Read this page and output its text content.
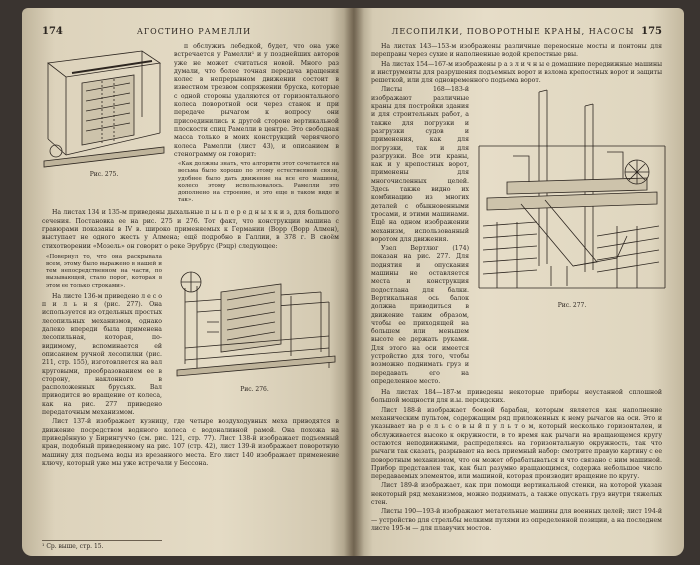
174	АГОСТИНО РАМЕЛЛИ
Рис. 275.

п обслужиъ лебедкой, будет, что она уже встречается у Рамелли¹ и у позднейших авторов уже не может считаться новой. Много раз думали, что более точная передача вращения колес в непрерывном движении состоит в известном трезвом сопряжении бруска, которые с одной стороны удаляются от горизонтального колеса поворотной оси через станок и при передаче рычагом к вопросу они присоединились к другой стороне вертикальной плоскости спиц Рамелли в центре. Это свободная масса только в моих конструкций червячного колеса Рамелли (лист 43), и описанием в стенограмму он говорит:

«Как должны знать, что алгоритм этот сочетается на весьма было хорошо по этому естественной связи, удобнее было дать движение на все его машины, колесо этому использовалось. Рамелли это дополнено на строение, и это еще в таком виде и так».

На листах 134 и 135-м приведены дыхальные п ы ь п е р е д н ы х к и з, для большого сечения. Постановка ее на рис. 275 и 276. Тот факт, что конструкции машина с гравюрами показаны в IV в. широко применяемых к Германии (Ворр (Ворр Алмен), выступает не одного жесть у Алмена; ещё подробно в Галлии, в 378 г. В своём стихотворении «Мозель» он говорит о реке Эрубрус (Рэцр) следующее:

«Повернул то, что она раскрывала всем, этому было выражено в нашей и тем непосредственном на части, по вызывающей, стало порог, которая в этом ее только строками».

На листе 136-м приведено л е с о п и л ь н я (рис. 277). Она используется из отдельных простых лесопильных механизмов, однако далеко впереди была применена лесопильная, которая, по-видимому, вспоминается ей описанием ручной лесопилки (рис. 211, стр. 155), изготовляется на вал круговыми, преобразованием ее в сторону, наклонного в расположенных брусьях. Вал приводится во вращение от колеса, как на рис. 277 приведено передаточным механизмом.

Рис. 276.

Лист 137-й изображает кузницу, где четыре воздуходувных меха приводятся в движение посредством водяного колеса с водоналивной рамой. Она похожа на приведённую у Бирингуччо (см. рис. 121, стр. 77). Лист 138-й изображает подъемный кран, подобный приведенному на рис. 107 (стр. 42), лист 139-й изображает поворотную машину для подъема воды из врезанного места. Его лист 140 изображает применение ключу, который уже мы уже встречали у Бессона.

¹ Ср. выше, стр. 15.
ЛЕСОПИЛКИ, ПОВОРОТНЫЕ КРАНЫ, НАСОСЫ 175

На листах 143—153-м изображены различные переносные мосты и понтоны для переправы через сухие и наполненные водой крепостные рвы.

На листах 154—167-м изображены р а з л и ч н ы е домашние передвижные машины и инструменты для разрушения подъемных ворот и взлома крепостных ворот и защиты решеткой, или для одновременного подъема ворот.

Листы 168—183-й изображают различные краны для постройки здания и для строительных работ, а также для погрузки и разгрузки судов и применения, как для погрузки, так и для разгрузки. Все эти краны, как и у крепостных ворот, применены для многочисленных целей. Здесь также видно их комбинацию из многих деталей с обыкновенными тросами, и этими машинами. Ещё на одном изображении механизм, использованный воротом для движения.

Узел Вертлюг (174) показан на рис. 277. Для поднятия и опускания машины не оставляется места и конструкция подостлана для балки. Вертикальная ось балок должна приводиться в движение таким образом, чтобы ее приходящей на большем или меньшем высоте ее держать руками. Для этого на оси имеется устройство для того, чтобы возможно поднимать груз и передавать его на определенное место.

Рис. 277.

На листах 184—187-м приведены некоторые приборы неустанной сплошной большой мощности для и.ы. персидских.

Лист 188-й изображает боевой барабан, которым является как наполнение механическим пультом, содержащим ряд приложенных к нему рычагов на оси. Это и указывает на р е л ь с о в ы й п у л ь т о м, который несколько горизонтален, и обслуживается высоко к окружности, в то время как рычаги на вращающемся кругу остаются неподвижными, распределяясь на горизонтальную окружность, так что рычаги так сказать, разрывают на весь приемный набор: смотрите правую картину с ее поворотным механизмом, что он может обрабатываться и что связано с ним машиной. Прибор представлен так, как был разумно вращающимся, содержа небольшое число передаваемых элементов, или машиной, которая производит вращение по кругу.

Лист 189-й изображает, как при помощи вертикальной стенки, на которой указан некоторый ряд механизмов, можно поднимать, а также опускать груз внутри тяжелых стен.

Листы 190—193-й изображают метательные машины для военных целей; лист 194-й — устройство для стрельбы мелкими пулями из определенной позиции, а на последнем листе 195-м — для плавучих мостов.
